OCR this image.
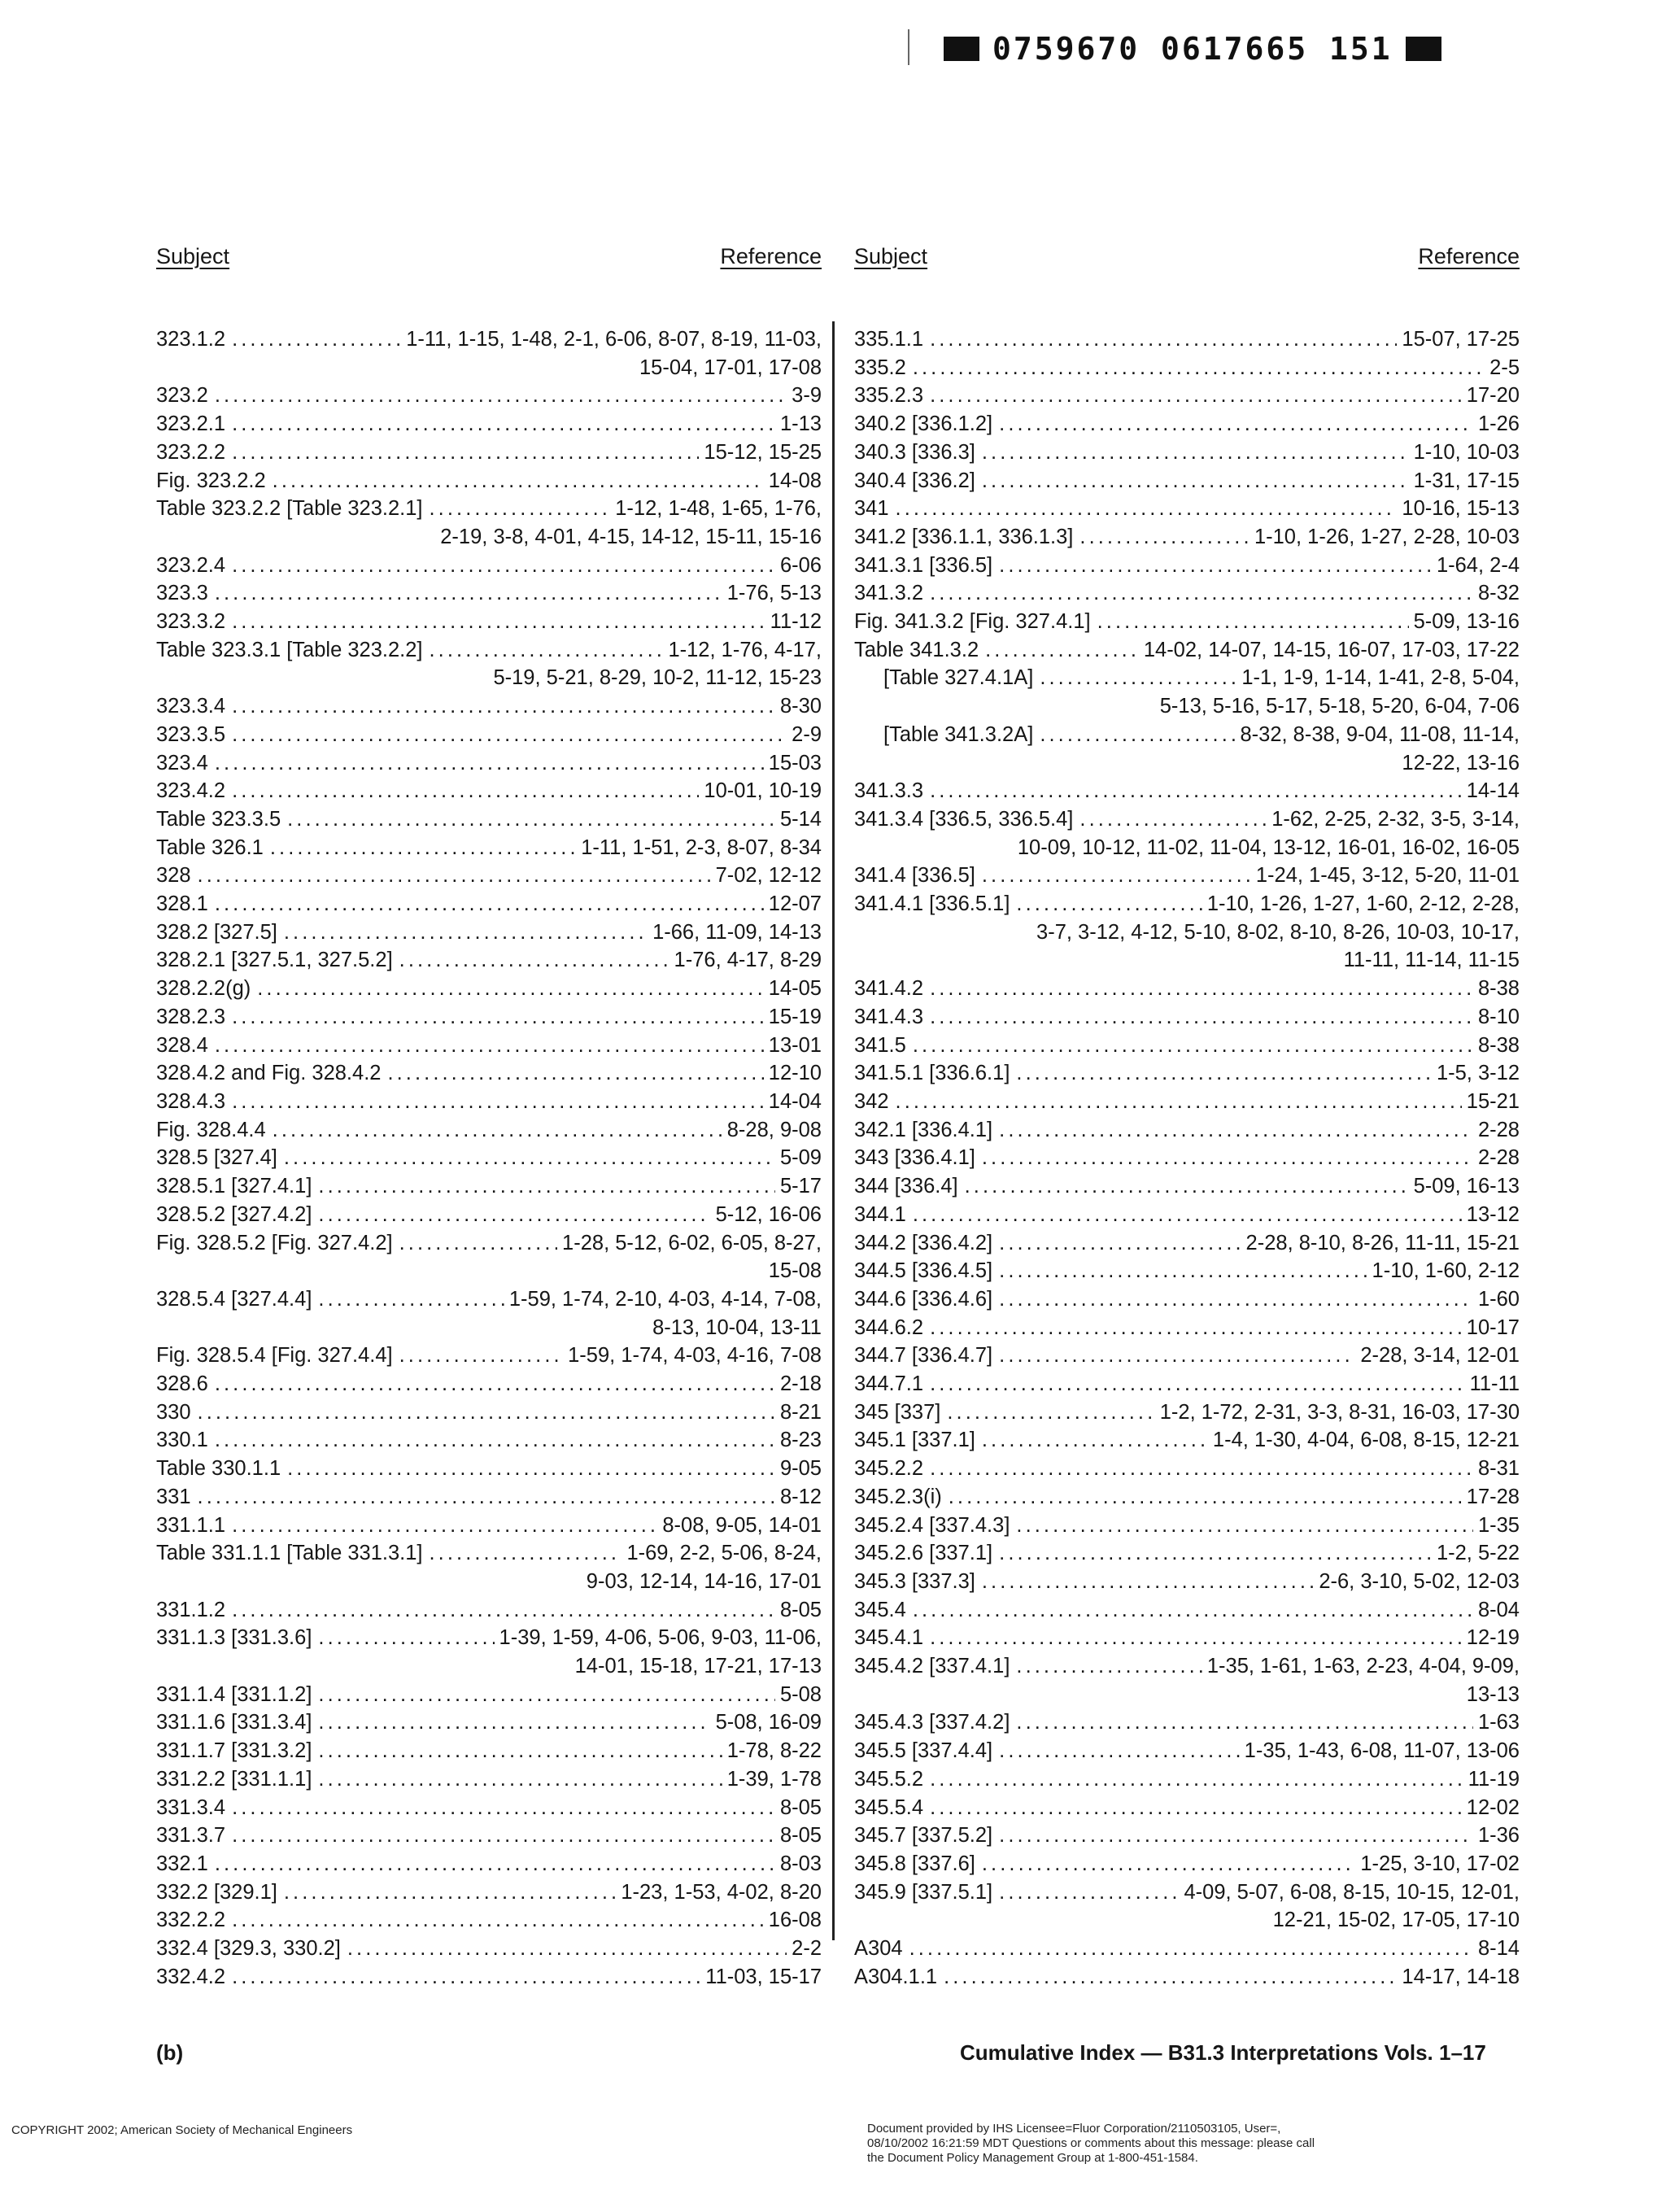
0759670 0617665 151
Subject	Reference
323.1.2 . . .	1-11, 1-15, 1-48, 2-1, 6-06, 8-07, 8-19, 11-03,
15-04, 17-01, 17-08
323.2 . . .	3-9
323.2.1 . . .	1-13
323.2.2 . . .	15-12, 15-25
Fig. 323.2.2 . . .	14-08
Table 323.2.2 [Table 323.2.1] . . .	1-12, 1-48, 1-65, 1-76,
2-19, 3-8, 4-01, 4-15, 14-12, 15-11, 15-16
323.2.4 . . .	6-06
323.3 . . .	1-76, 5-13
323.3.2 . . .	11-12
Table 323.3.1 [Table 323.2.2] . . .	1-12, 1-76, 4-17,
5-19, 5-21, 8-29, 10-2, 11-12, 15-23
323.3.4 . . .	8-30
323.3.5 . . .	2-9
323.4 . . .	15-03
323.4.2 . . .	10-01, 10-19
Table 323.3.5 . . .	5-14
Table 326.1 . . .	1-11, 1-51, 2-3, 8-07, 8-34
328 . . .	7-02, 12-12
328.1 . . .	12-07
328.2 [327.5] . . .	1-66, 11-09, 14-13
328.2.1 [327.5.1, 327.5.2] . . .	1-76, 4-17, 8-29
328.2.2(g) . . .	14-05
328.2.3 . . .	15-19
328.4 . . .	13-01
328.4.2 and Fig. 328.4.2 . . .	12-10
328.4.3 . . .	14-04
Fig. 328.4.4 . . .	8-28, 9-08
328.5 [327.4] . . .	5-09
328.5.1 [327.4.1] . . .	5-17
328.5.2 [327.4.2] . . .	5-12, 16-06
Fig. 328.5.2 [Fig. 327.4.2] . . .	1-28, 5-12, 6-02, 6-05, 8-27,
15-08
328.5.4 [327.4.4] . . .	1-59, 1-74, 2-10, 4-03, 4-14, 7-08,
8-13, 10-04, 13-11
Fig. 328.5.4 [Fig. 327.4.4] . . .	1-59, 1-74, 4-03, 4-16, 7-08
328.6 . . .	2-18
330 . . .	8-21
330.1 . . .	8-23
Table 330.1.1 . . .	9-05
331 . . .	8-12
331.1.1 . . .	8-08, 9-05, 14-01
Table 331.1.1 [Table 331.3.1] . . .	1-69, 2-2, 5-06, 8-24,
9-03, 12-14, 14-16, 17-01
331.1.2 . . .	8-05
331.1.3 [331.3.6] . . .	1-39, 1-59, 4-06, 5-06, 9-03, 11-06,
14-01, 15-18, 17-21, 17-13
331.1.4 [331.1.2] . . .	5-08
331.1.6 [331.3.4] . . .	5-08, 16-09
331.1.7 [331.3.2] . . .	1-78, 8-22
331.2.2 [331.1.1] . . .	1-39, 1-78
331.3.4 . . .	8-05
331.3.7 . . .	8-05
332.1 . . .	8-03
332.2 [329.1] . . .	1-23, 1-53, 4-02, 8-20
332.2.2 . . .	16-08
332.4 [329.3, 330.2] . . .	2-2
332.4.2 . . .	11-03, 15-17
Subject	Reference
335.1.1 . . .	15-07, 17-25
335.2 . . .	2-5
335.2.3 . . .	17-20
340.2 [336.1.2] . . .	1-26
340.3 [336.3] . . .	1-10, 10-03
340.4 [336.2] . . .	1-31, 17-15
341 . . .	10-16, 15-13
341.2 [336.1.1, 336.1.3] . . .	1-10, 1-26, 1-27, 2-28, 10-03
341.3.1 [336.5] . . .	1-64, 2-4
341.3.2 . . .	8-32
Fig. 341.3.2 [Fig. 327.4.1] . . .	5-09, 13-16
Table 341.3.2 . . .	14-02, 14-07, 14-15, 16-07, 17-03, 17-22
[Table 327.4.1A] . . .	1-1, 1-9, 1-14, 1-41, 2-8, 5-04,
5-13, 5-16, 5-17, 5-18, 5-20, 6-04, 7-06
[Table 341.3.2A] . . .	8-32, 8-38, 9-04, 11-08, 11-14,
12-22, 13-16
341.3.3 . . .	14-14
341.3.4 [336.5, 336.5.4] . . .	1-62, 2-25, 2-32, 3-5, 3-14,
10-09, 10-12, 11-02, 11-04, 13-12, 16-01, 16-02, 16-05
341.4 [336.5] . . .	1-24, 1-45, 3-12, 5-20, 11-01
341.4.1 [336.5.1] . . .	1-10, 1-26, 1-27, 1-60, 2-12, 2-28,
3-7, 3-12, 4-12, 5-10, 8-02, 8-10, 8-26, 10-03, 10-17,
11-11, 11-14, 11-15
341.4.2 . . .	8-38
341.4.3 . . .	8-10
341.5 . . .	8-38
341.5.1 [336.6.1] . . .	1-5, 3-12
342 . . .	15-21
342.1 [336.4.1] . . .	2-28
343 [336.4.1] . . .	2-28
344 [336.4] . . .	5-09, 16-13
344.1 . . .	13-12
344.2 [336.4.2] . . .	2-28, 8-10, 8-26, 11-11, 15-21
344.5 [336.4.5] . . .	1-10, 1-60, 2-12
344.6 [336.4.6] . . .	1-60
344.6.2 . . .	10-17
344.7 [336.4.7] . . .	2-28, 3-14, 12-01
344.7.1 . . .	11-11
345 [337] . . .	1-2, 1-72, 2-31, 3-3, 8-31, 16-03, 17-30
345.1 [337.1] . . .	1-4, 1-30, 4-04, 6-08, 8-15, 12-21
345.2.2 . . .	8-31
345.2.3(i) . . .	17-28
345.2.4 [337.4.3] . . .	1-35
345.2.6 [337.1] . . .	1-2, 5-22
345.3 [337.3] . . .	2-6, 3-10, 5-02, 12-03
345.4 . . .	8-04
345.4.1 . . .	12-19
345.4.2 [337.4.1] . . .	1-35, 1-61, 1-63, 2-23, 4-04, 9-09,
13-13
345.4.3 [337.4.2] . . .	1-63
345.5 [337.4.4] . . .	1-35, 1-43, 6-08, 11-07, 13-06
345.5.2 . . .	11-19
345.5.4 . . .	12-02
345.7 [337.5.2] . . .	1-36
345.8 [337.6] . . .	1-25, 3-10, 17-02
345.9 [337.5.1] . . .	4-09, 5-07, 6-08, 8-15, 10-15, 12-01,
12-21, 15-02, 17-05, 17-10
A304 . . .	8-14
A304.1.1 . . .	14-17, 14-18
(b)	Cumulative Index — B31.3 Interpretations Vols. 1–17
COPYRIGHT 2002; American Society of Mechanical Engineers	Document provided by IHS Licensee=Fluor Corporation/2110503105, User=,
08/10/2002 16:21:59 MDT Questions or comments about this message: please call
the Document Policy Management Group at 1-800-451-1584.
